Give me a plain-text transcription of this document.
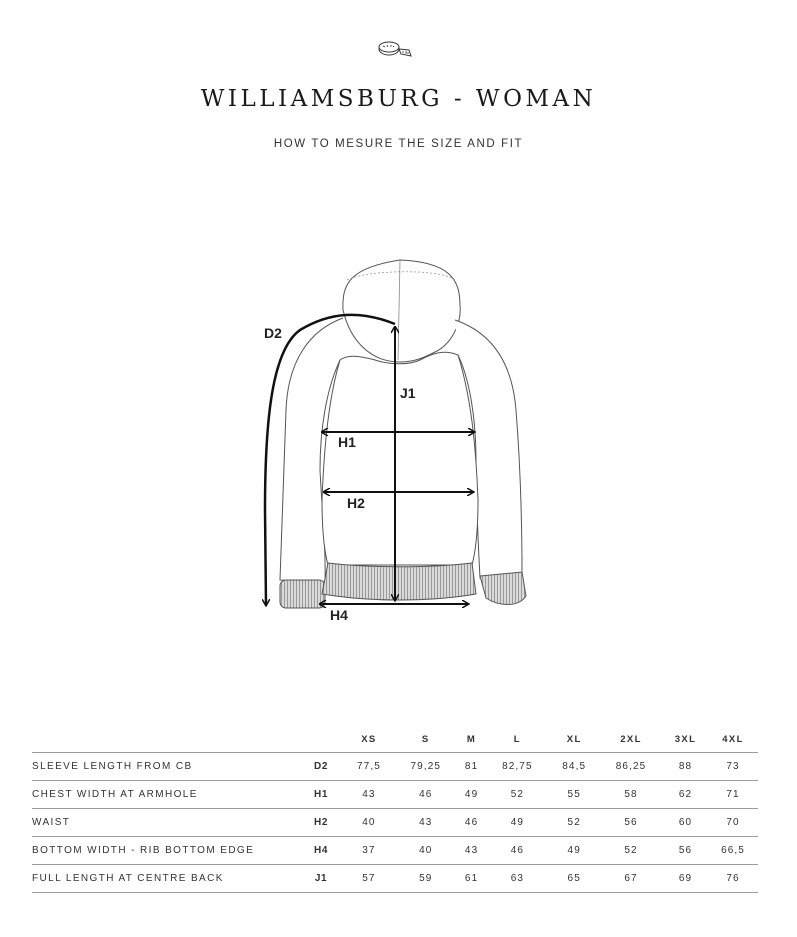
WILLIAMSBURG - WOMAN
HOW TO MESURE THE SIZE AND FIT
D2
J1
H1
H2
H4
		XS	S	M	L	XL	2XL	3XL	4XL
SLEEVE LENGTH FROM CB	D2	77,5	79,25	81	82,75	84,5	86,25	88	73
CHEST WIDTH AT ARMHOLE	H1	43	46	49	52	55	58	62	71
WAIST	H2	40	43	46	49	52	56	60	70
BOTTOM WIDTH - RIB BOTTOM EDGE	H4	37	40	43	46	49	52	56	66,5
FULL LENGTH AT CENTRE BACK	J1	57	59	61	63	65	67	69	76
